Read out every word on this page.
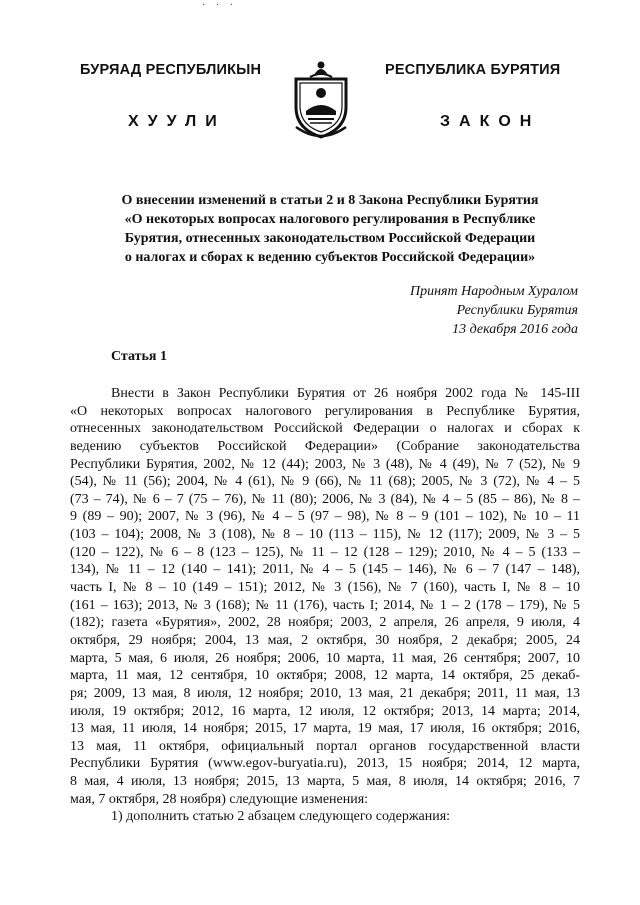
· · ·
БУРЯАД РЕСПУБЛИКЫН	РЕСПУБЛИКА БУРЯТИЯ
ХУУЛИ	ЗАКОН
О внесении изменений в статьи 2 и 8 Закона Республики Бурятия
«О некоторых вопросах налогового регулирования в Республике
Бурятия, отнесенных законодательством Российской Федерации
о налогах и сборах к ведению субъектов Российской Федерации»
Принят Народным Хуралом
Республики Бурятия
13 декабря 2016 года
Статья 1
Внести в Закон Республики Бурятия от 26 ноября 2002 года № 145-III
«О некоторых вопросах налогового регулирования в Республике Бурятия,
отнесенных законодательством Российской Федерации о налогах и сборах к
ведению субъектов Российской Федерации» (Собрание законодательства
Республики Бурятия, 2002, № 12 (44); 2003, № 3 (48), № 4 (49), № 7 (52), № 9
(54), № 11 (56); 2004, № 4 (61), № 9 (66), № 11 (68); 2005, № 3 (72), № 4 – 5
(73 – 74), № 6 – 7 (75 – 76), № 11 (80); 2006, № 3 (84), № 4 – 5 (85 – 86), № 8 –
9 (89 – 90); 2007, № 3 (96), № 4 – 5 (97 – 98), № 8 – 9 (101 – 102), № 10 – 11
(103 – 104); 2008, № 3 (108), № 8 – 10 (113 – 115), № 12 (117); 2009, № 3 – 5
(120 – 122), № 6 – 8 (123 – 125), № 11 – 12 (128 – 129); 2010, № 4 – 5 (133 –
134), № 11 – 12 (140 – 141); 2011, № 4 – 5 (145 – 146), № 6 – 7 (147 – 148),
часть I, № 8 – 10 (149 – 151); 2012, № 3 (156), № 7 (160), часть I, № 8 – 10
(161 – 163); 2013, № 3 (168); № 11 (176), часть I; 2014, № 1 – 2 (178 – 179), № 5
(182); газета «Бурятия», 2002, 28 ноября; 2003, 2 апреля, 26 апреля, 9 июля, 4
октября, 29 ноября; 2004, 13 мая, 2 октября, 30 ноября, 2 декабря; 2005, 24
марта, 5 мая, 6 июля, 26 ноября; 2006, 10 марта, 11 мая, 26 сентября; 2007, 10
марта, 11 мая, 12 сентября, 10 октября; 2008, 12 марта, 14 октября, 25 декаб-
ря; 2009, 13 мая, 8 июля, 12 ноября; 2010, 13 мая, 21 декабря; 2011, 11 мая, 13
июля, 19 октября; 2012, 16 марта, 12 июля, 12 октября; 2013, 14 марта; 2014,
13 мая, 11 июля, 14 ноября; 2015, 17 марта, 19 мая, 17 июля, 16 октября; 2016,
13 мая, 11 октября, официальный портал органов государственной власти
Республики Бурятия (www.egov-buryatia.ru), 2013, 15 ноября; 2014, 12 марта,
8 мая, 4 июля, 13 ноября; 2015, 13 марта, 5 мая, 8 июля, 14 октября; 2016, 7
мая, 7 октября, 28 ноября) следующие изменения:
1) дополнить статью 2 абзацем следующего содержания:
